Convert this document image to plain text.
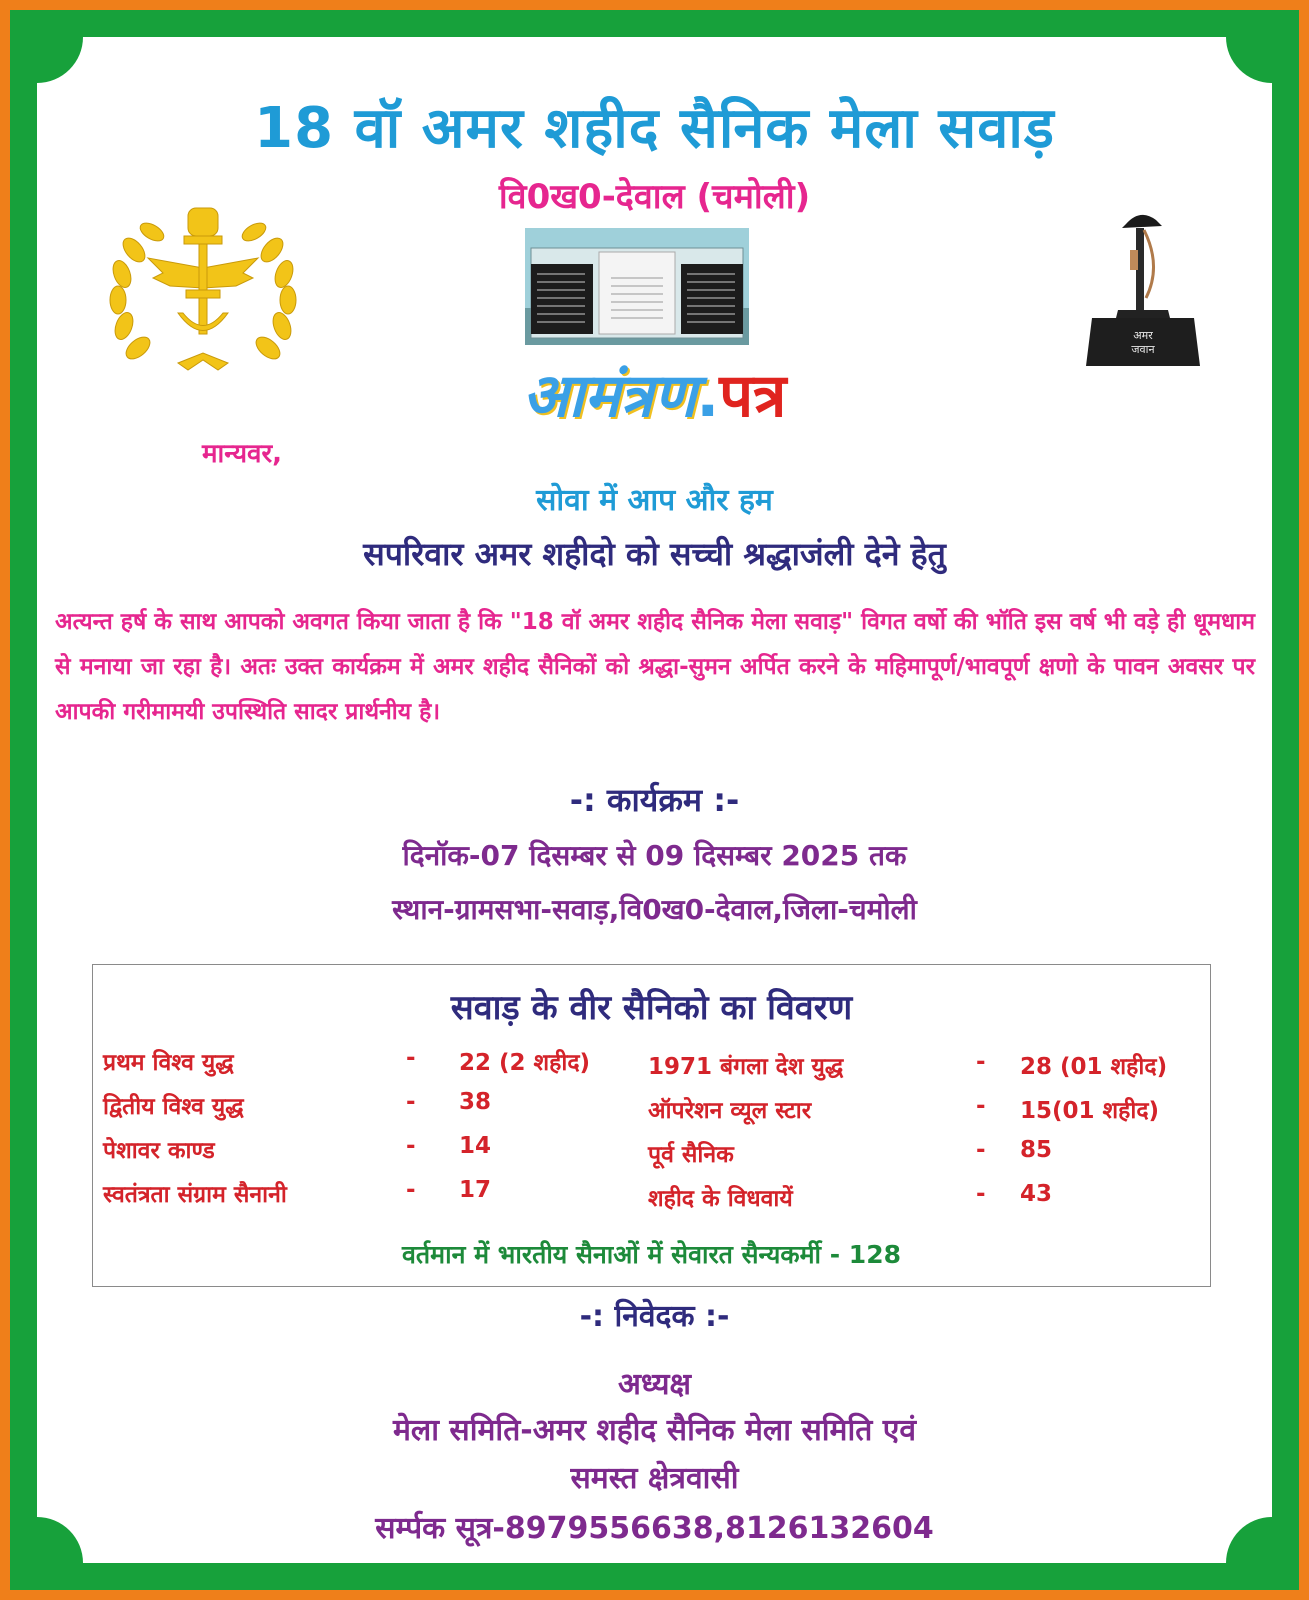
18 वॉ अमर शहीद सैनिक मेला सवाड़
वि0ख0-देवाल (चमोली)
अमर
जवान
आमंत्रण.पत्र
मान्यवर,
सोवा में आप और हम
सपरिवार अमर शहीदो को सच्ची श्रद्धाजंली देने हेतु
अत्यन्त हर्ष के साथ आपको अवगत किया जाता है कि "18 वॉ अमर शहीद सैनिक मेला सवाड़" विगत वर्षो की भॉति इस वर्ष भी वड़े ही धूमधाम से मनाया जा रहा है। अतः उक्त कार्यक्रम में अमर शहीद सैनिकों को श्रद्धा-सुमन अर्पित करने के महिमापूर्ण/भावपूर्ण क्षणो के पावन अवसर पर आपकी गरीमामयी उपस्थिति सादर प्रार्थनीय है।
-: कार्यक्रम :-
दिनॉक-07 दिसम्बर से 09 दिसम्बर 2025 तक
स्थान-ग्रामसभा-सवाड़,वि0ख0-देवाल,जिला-चमोली
सवाड़ के वीर सैनिको का विवरण
प्रथम विश्व युद्ध	- 22 (2 शहीद)
द्वितीय विश्व युद्ध	- 38
पेशावर काण्ड	- 14
स्वतंत्रता संग्राम सैनानी	- 17
1971 बंगला देश युद्ध	- 28 (01 शहीद)
ऑपरेशन व्यूल स्टार	- 15(01 शहीद)
पूर्व सैनिक	- 85
शहीद के विधवायें	- 43
वर्तमान में भारतीय सैनाओं में सेवारत सैन्यकर्मी - 128
-: निवेदक :-
अध्यक्ष
मेला समिति-अमर शहीद सैनिक मेला समिति एवं
समस्त क्षेत्रवासी
सर्म्पक सूत्र-8979556638,8126132604
